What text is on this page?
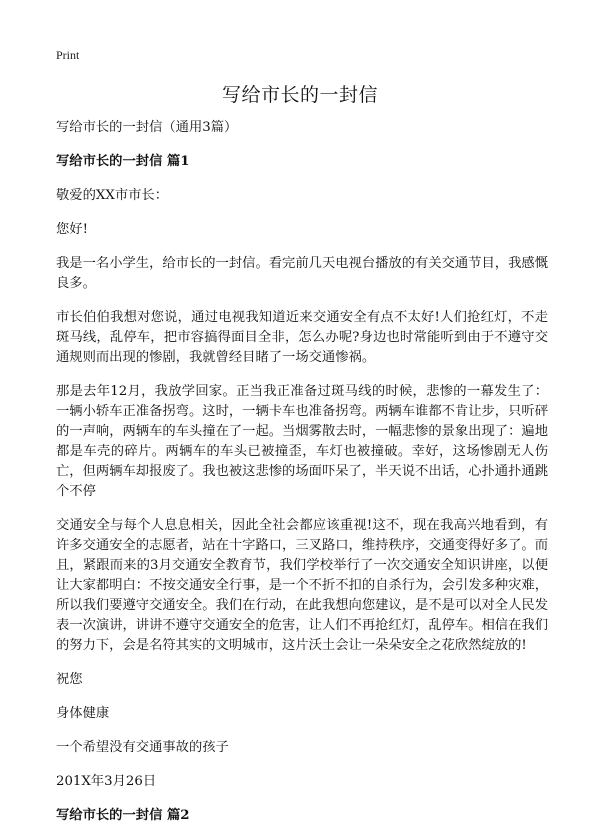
Print
写给市长的一封信

写给市长的一封信（通用3篇）

写给市长的一封信 篇1

敬爱的XX市市长：

您好!

我是一名小学生，给市长的一封信。看完前几天电视台播放的有关交通节目，我感慨良多。

市长伯伯我想对您说，通过电视我知道近来交通安全有点不太好!人们抢红灯，不走斑马线，乱停车，把市容搞得面目全非，怎么办呢?身边也时常能听到由于不遵守交通规则而出现的惨剧，我就曾经目睹了一场交通惨祸。

那是去年12月，我放学回家。正当我正准备过斑马线的时候，悲惨的一幕发生了：一辆小轿车正准备拐弯。这时，一辆卡车也准备拐弯。两辆车谁都不肯让步，只听砰的一声响，两辆车的车头撞在了一起。当烟雾散去时，一幅悲惨的景象出现了：遍地都是车壳的碎片。两辆车的车头已被撞歪，车灯也被撞破。幸好，这场惨剧无人伤亡，但两辆车却报废了。我也被这悲惨的场面吓呆了，半天说不出话，心扑通扑通跳个不停

交通安全与每个人息息相关，因此全社会都应该重视!这不，现在我高兴地看到，有许多交通安全的志愿者，站在十字路口，三叉路口，维持秩序，交通变得好多了。而且，紧跟而来的3月交通安全教育节，我们学校举行了一次交通安全知识讲座，以便让大家都明白：不按交通安全行事，是一个不折不扣的自杀行为，会引发多种灾难，所以我们要遵守交通安全。我们在行动，在此我想向您建议，是不是可以对全人民发表一次演讲，讲讲不遵守交通安全的危害，让人们不再抢红灯，乱停车。相信在我们的努力下，会是名符其实的文明城市，这片沃土会让一朵朵安全之花欣然绽放的!

祝您

身体健康

一个希望没有交通事故的孩子

201X年3月26日

写给市长的一封信 篇2
